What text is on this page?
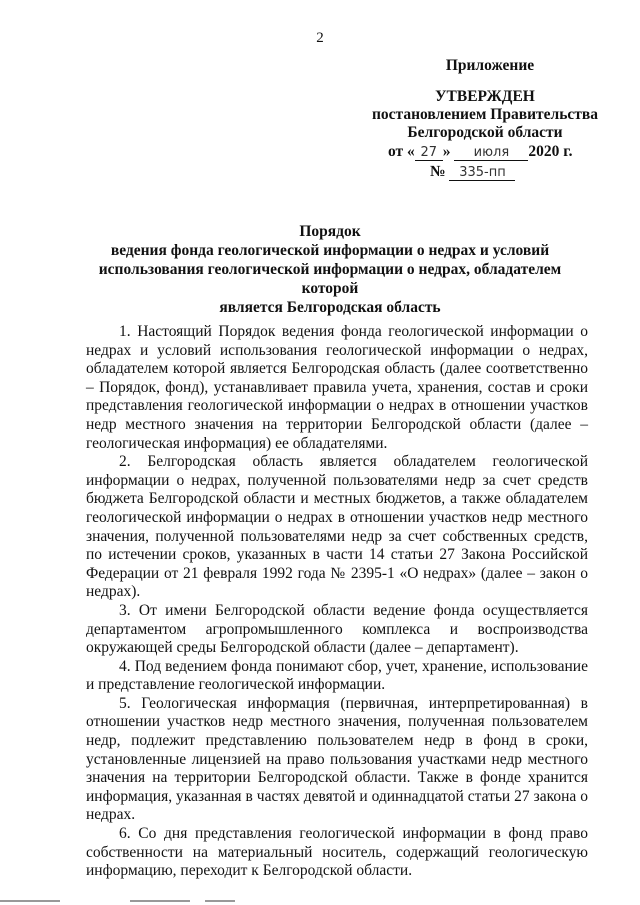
2
Приложение
УТВЕРЖДЕН
постановлением Правительства
Белгородской области
от « 27 » июля 2020 г.
№ 335-пп
Порядок
ведения фонда геологической информации о недрах и условий
использования геологической информации о недрах, обладателем которой
является Белгородская область

1. Настоящий Порядок ведения фонда геологической информации о недрах и условий использования геологической информации о недрах, обладателем которой является Белгородская область (далее соответственно – Порядок, фонд), устанавливает правила учета, хранения, состав и сроки представления геологической информации о недрах в отношении участков недр местного значения на территории Белгородской области (далее – геологическая информация) ее обладателями.

2. Белгородская область является обладателем геологической информации о недрах, полученной пользователями недр за счет средств бюджета Белгородской области и местных бюджетов, а также обладателем геологической информации о недрах в отношении участков недр местного значения, полученной пользователями недр за счет собственных средств, по истечении сроков, указанных в части 14 статьи 27 Закона Российской Федерации от 21 февраля 1992 года № 2395-1 «О недрах» (далее – закон о недрах).

3. От имени Белгородской области ведение фонда осуществляется департаментом агропромышленного комплекса и воспроизводства окружающей среды Белгородской области (далее – департамент).

4. Под ведением фонда понимают сбор, учет, хранение, использование и представление геологической информации.

5. Геологическая информация (первичная, интерпретированная) в отношении участков недр местного значения, полученная пользователем недр, подлежит представлению пользователем недр в фонд в сроки, установленные лицензией на право пользования участками недр местного значения на территории Белгородской области. Также в фонде хранится информация, указанная в частях девятой и одиннадцатой статьи 27 закона о недрах.

6. Со дня представления геологической информации в фонд право собственности на материальный носитель, содержащий геологическую информацию, переходит к Белгородской области.
